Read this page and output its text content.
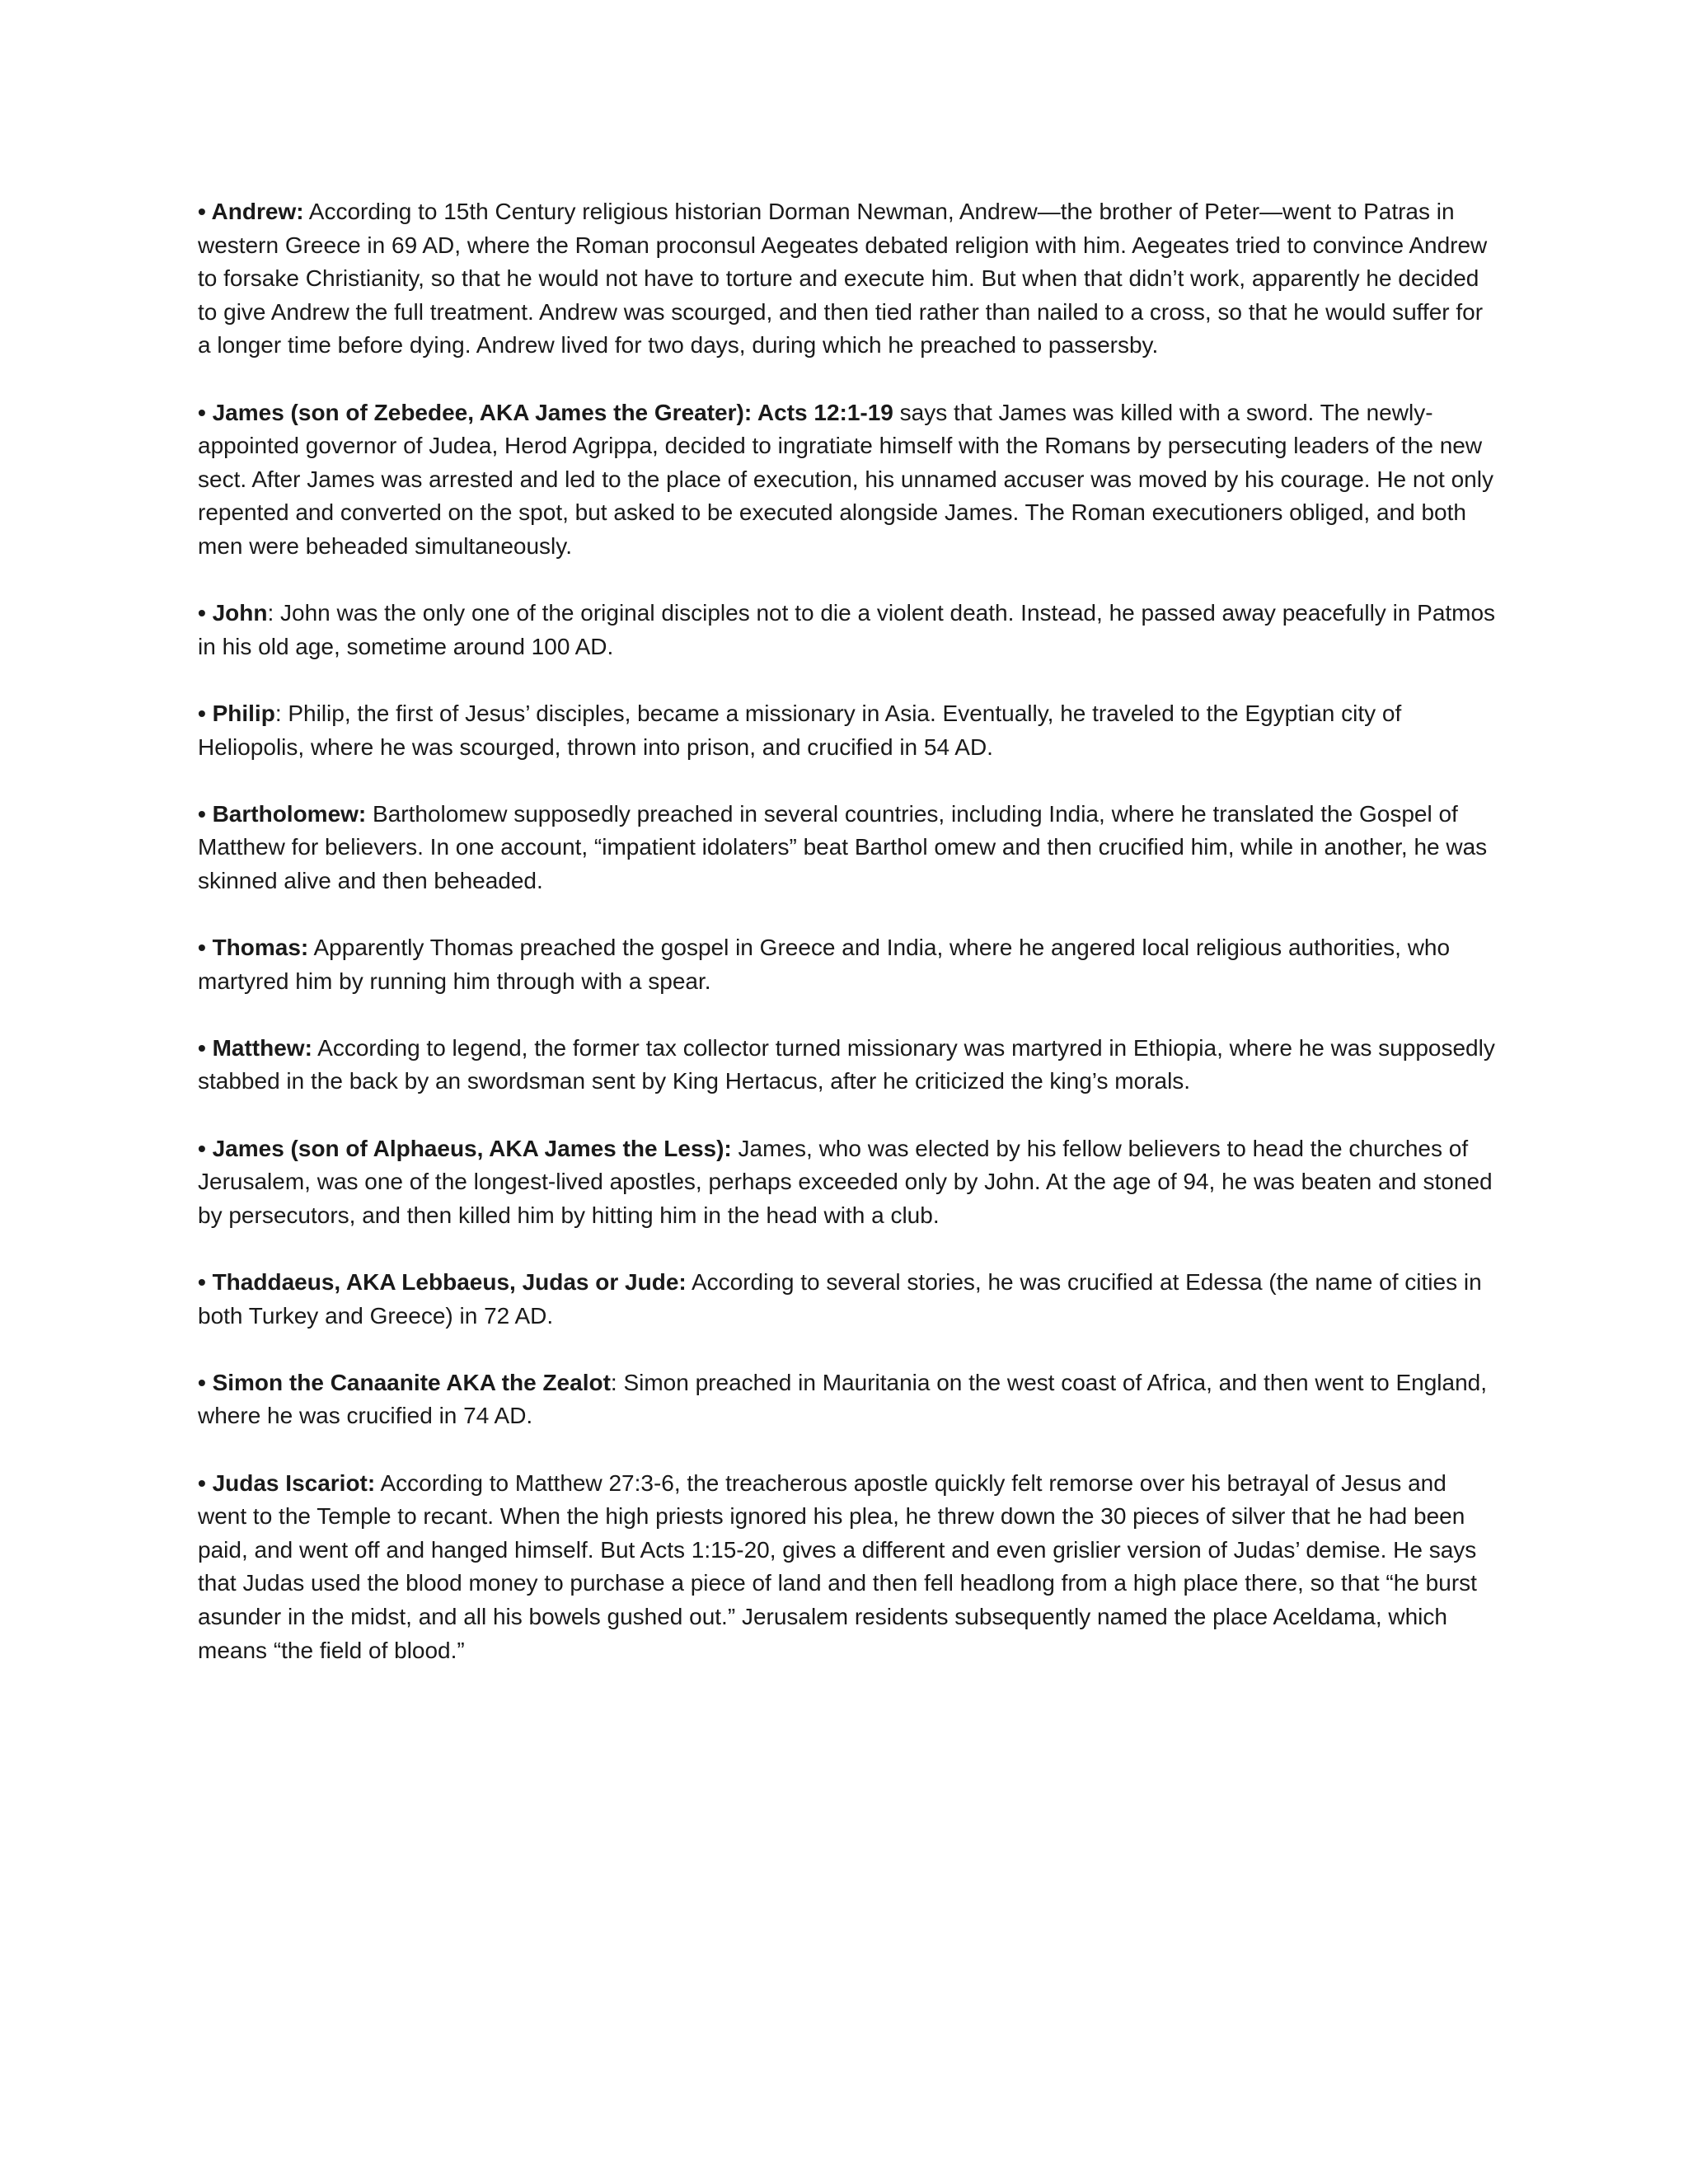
• Andrew: According to 15th Century religious historian Dorman Newman, Andrew—the brother of Peter—went to Patras in western Greece in 69 AD, where the Roman proconsul Aegeates debated religion with him. Aegeates tried to convince Andrew to forsake Christianity, so that he would not have to torture and execute him. But when that didn’t work, apparently he decided to give Andrew the full treatment. Andrew was scourged, and then tied rather than nailed to a cross, so that he would suffer for a longer time before dying. Andrew lived for two days, during which he preached to passersby.

• James (son of Zebedee, AKA James the Greater): Acts 12:1-19 says that James was killed with a sword. The newly-appointed governor of Judea, Herod Agrippa, decided to ingratiate himself with the Romans by persecuting leaders of the new sect. After James was arrested and led to the place of execution, his unnamed accuser was moved by his courage. He not only repented and converted on the spot, but asked to be executed alongside James. The Roman executioners obliged, and both men were beheaded simultaneously.

• John: John was the only one of the original disciples not to die a violent death. Instead, he passed away peacefully in Patmos in his old age, sometime around 100 AD.

• Philip: Philip, the first of Jesus’ disciples, became a missionary in Asia. Eventually, he traveled to the Egyptian city of Heliopolis, where he was scourged, thrown into prison, and crucified in 54 AD.

• Bartholomew: Bartholomew supposedly preached in several countries, including India, where he translated the Gospel of Matthew for believers. In one account, “impatient idolaters” beat Barthol omew and then crucified him, while in another, he was skinned alive and then beheaded.

• Thomas: Apparently Thomas preached the gospel in Greece and India, where he angered local religious authorities, who martyred him by running him through with a spear.

• Matthew: According to legend, the former tax collector turned missionary was martyred in Ethiopia, where he was supposedly stabbed in the back by an swordsman sent by King Hertacus, after he criticized the king’s morals.

• James (son of Alphaeus, AKA James the Less): James, who was elected by his fellow believers to head the churches of Jerusalem, was one of the longest-lived apostles, perhaps exceeded only by John. At the age of 94, he was beaten and stoned by persecutors, and then killed him by hitting him in the head with a club.

• Thaddaeus, AKA Lebbaeus, Judas or Jude: According to several stories, he was crucified at Edessa (the name of cities in both Turkey and Greece) in 72 AD.

• Simon the Canaanite AKA the Zealot: Simon preached in Mauritania on the west coast of Africa, and then went to England, where he was crucified in 74 AD.

• Judas Iscariot: According to Matthew 27:3-6, the treacherous apostle quickly felt remorse over his betrayal of Jesus and went to the Temple to recant. When the high priests ignored his plea, he threw down the 30 pieces of silver that he had been paid, and went off and hanged himself. But Acts 1:15-20, gives a different and even grislier version of Judas’ demise. He says that Judas used the blood money to purchase a piece of land and then fell headlong from a high place there, so that “he burst asunder in the midst, and all his bowels gushed out.” Jerusalem residents subsequently named the place Aceldama, which means “the field of blood.”
